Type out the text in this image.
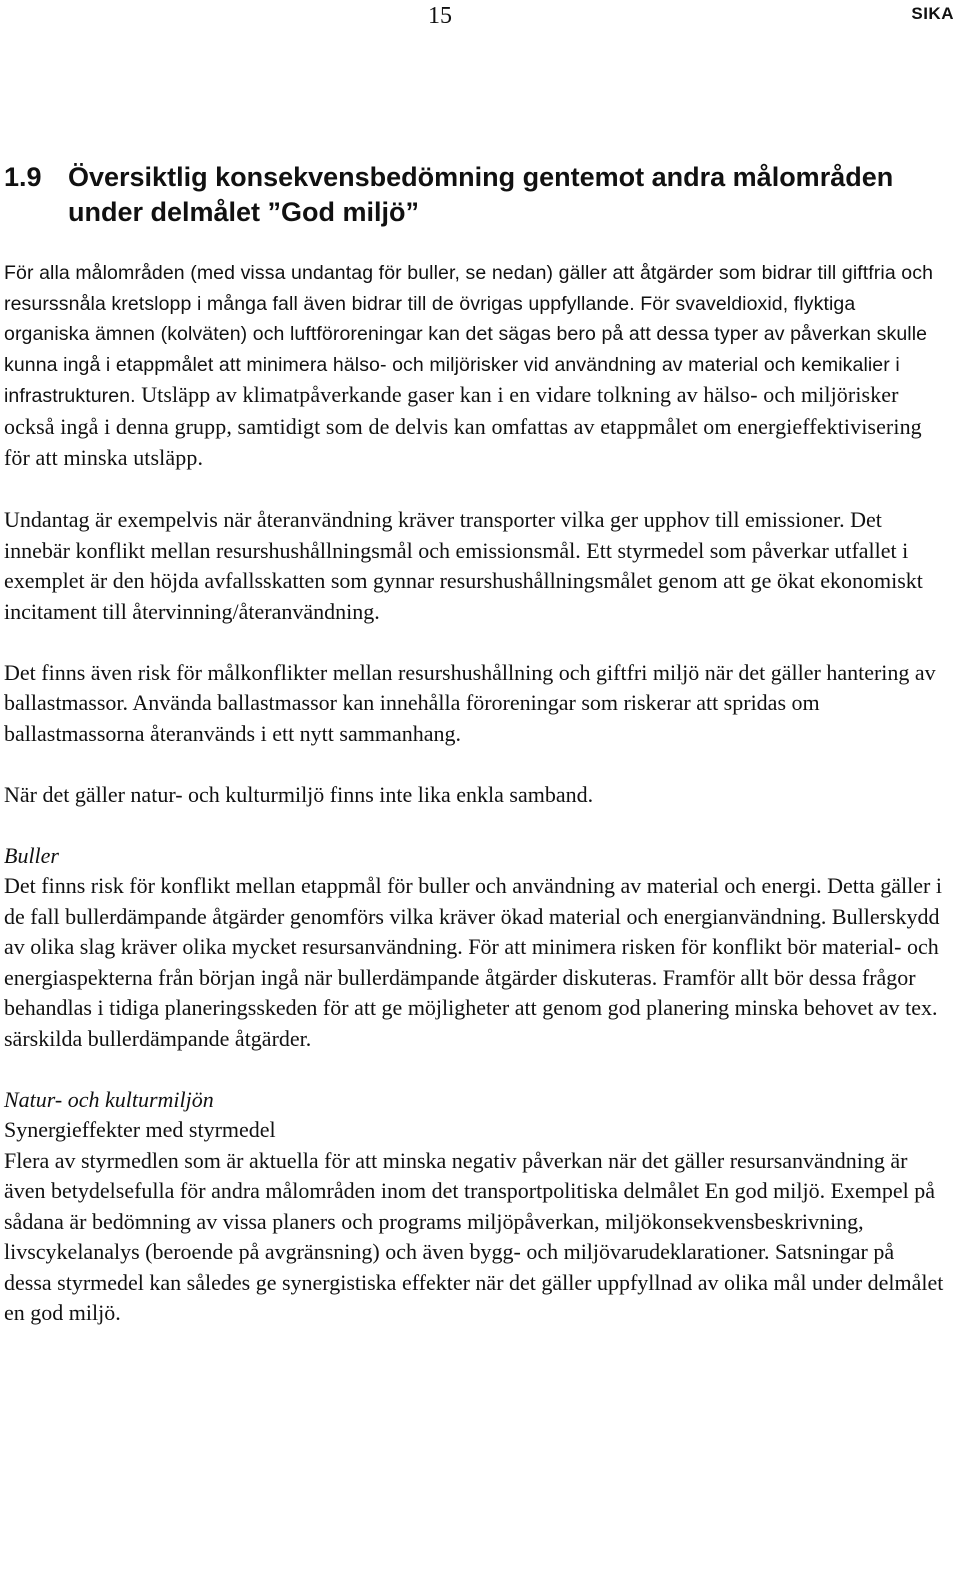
15	SIKA
1.9 Översiktlig konsekvensbedömning gentemot andra målområden under delmålet ”God miljö”

För alla målområden (med vissa undantag för buller, se nedan) gäller att åtgärder som bidrar till giftfria och resurssnåla kretslopp i många fall även bidrar till de övrigas uppfyllande. För svaveldioxid, flyktiga organiska ämnen (kolväten) och luftföroreningar kan det sägas bero på att dessa typer av påverkan skulle kunna ingå i etappmålet att minimera hälso- och miljörisker vid användning av material och kemikalier i infrastrukturen. Utsläpp av klimatpåverkande gaser kan i en vidare tolkning av hälso- och miljörisker också ingå i denna grupp, samtidigt som de delvis kan omfattas av etappmålet om energieffektivisering för att minska utsläpp.

Undantag är exempelvis när återanvändning kräver transporter vilka ger upphov till emissioner. Det innebär konflikt mellan resurshushållningsmål och emissionsmål. Ett styrmedel som påverkar utfallet i exemplet är den höjda avfallsskatten som gynnar resurshushållningsmålet genom att ge ökat ekonomiskt incitament till återvinning/återanvändning.

Det finns även risk för målkonflikter mellan resurshushållning och giftfri miljö när det gäller hantering av ballastmassor. Använda ballastmassor kan innehålla föroreningar som riskerar att spridas om ballastmassorna återanvänds i ett nytt sammanhang.

När det gäller natur- och kulturmiljö finns inte lika enkla samband.

Buller

Det finns risk för konflikt mellan etappmål för buller och användning av material och energi. Detta gäller i de fall bullerdämpande åtgärder genomförs vilka kräver ökad material och energianvändning. Bullerskydd av olika slag kräver olika mycket resursanvändning. För att minimera risken för konflikt bör material- och energiaspekterna från början ingå när bullerdämpande åtgärder diskuteras. Framför allt bör dessa frågor behandlas i tidiga planeringsskeden för att ge möjligheter att genom god planering minska behovet av tex. särskilda bullerdämpande åtgärder.

Natur- och kulturmiljön

Synergieffekter med styrmedel

Flera av styrmedlen som är aktuella för att minska negativ påverkan när det gäller resursanvändning är även betydelsefulla för andra målområden inom det transportpolitiska delmålet En god miljö. Exempel på sådana är bedömning av vissa planers och programs miljöpåverkan, miljökonsekvensbeskrivning, livscykelanalys (beroende på avgränsning) och även bygg- och miljövarudeklarationer. Satsningar på dessa styrmedel kan således ge synergistiska effekter när det gäller uppfyllnad av olika mål under delmålet en god miljö.
